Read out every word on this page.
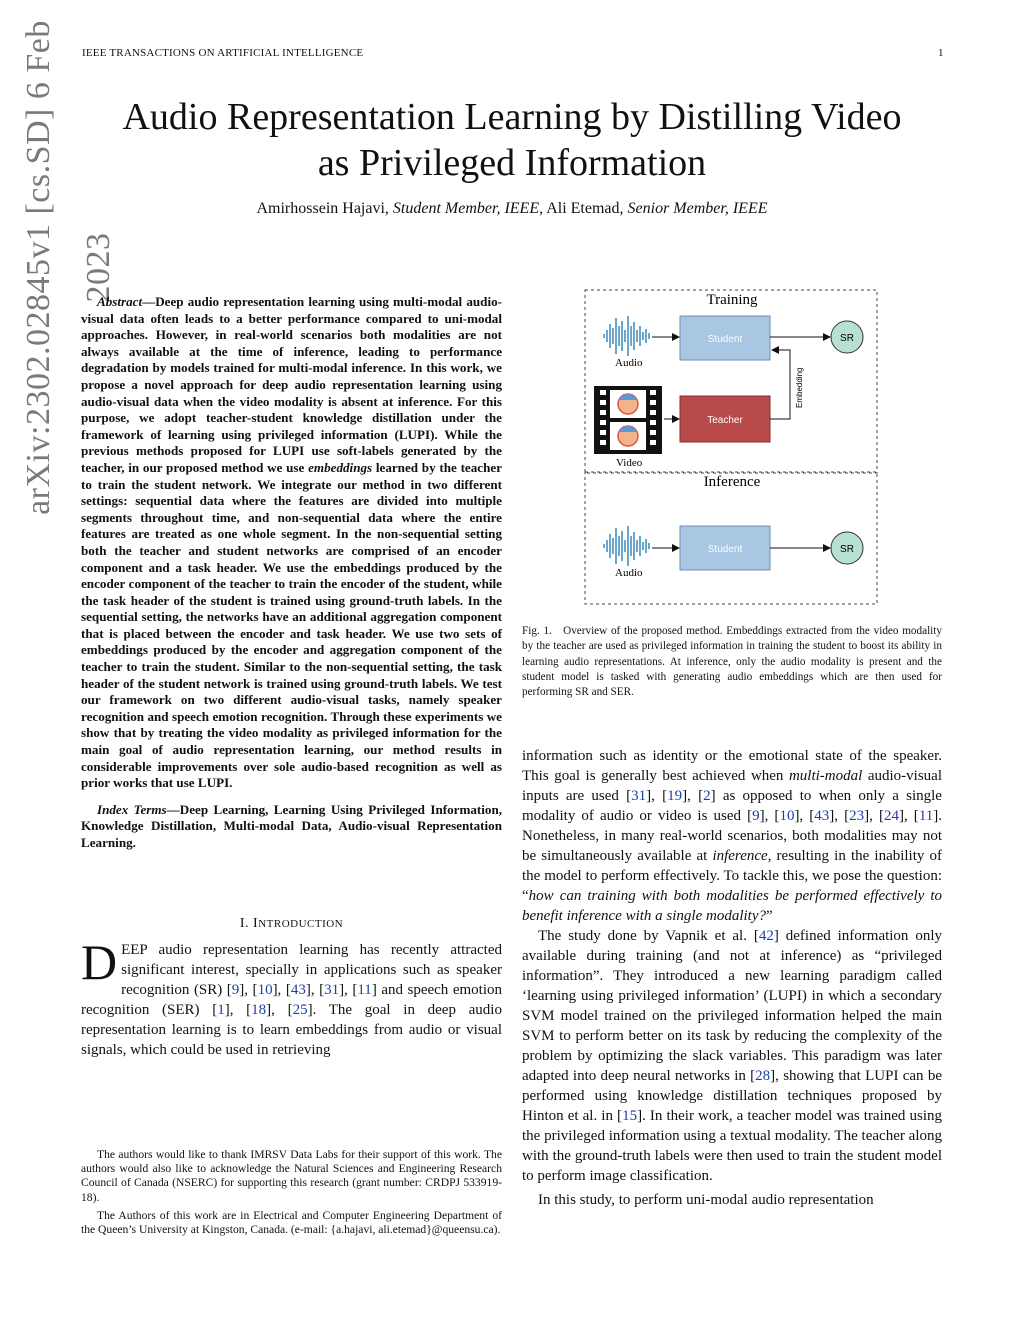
IEEE TRANSACTIONS ON ARTIFICIAL INTELLIGENCE	1
Audio Representation Learning by Distilling Video
as Privileged Information
Amirhossein Hajavi, Student Member, IEEE, Ali Etemad, Senior Member, IEEE
arXiv:2302.02845v1 [cs.SD] 6 Feb 2023
Abstract—Deep audio representation learning using multi-modal audio-visual data often leads to a better performance compared to uni-modal approaches. However, in real-world scenarios both modalities are not always available at the time of inference, leading to performance degradation by models trained for multi-modal inference. In this work, we propose a novel approach for deep audio representation learning using audio-visual data when the video modality is absent at inference. For this purpose, we adopt teacher-student knowledge distillation under the framework of learning using privileged information (LUPI). While the previous methods proposed for LUPI use soft-labels generated by the teacher, in our proposed method we use embeddings learned by the teacher to train the student network. We integrate our method in two different settings: sequential data where the features are divided into multiple segments throughout time, and non-sequential data where the entire features are treated as one whole segment. In the non-sequential setting both the teacher and student networks are comprised of an encoder component and a task header. We use the embeddings produced by the encoder component of the teacher to train the encoder of the student, while the task header of the student is trained using ground-truth labels. In the sequential setting, the networks have an additional aggregation component that is placed between the encoder and task header. We use two sets of embeddings produced by the encoder and aggregation component of the teacher to train the student. Similar to the non-sequential setting, the task header of the student network is trained using ground-truth labels. We test our framework on two different audio-visual tasks, namely speaker recognition and speech emotion recognition. Through these experiments we show that by treating the video modality as privileged information for the main goal of audio representation learning, our method results in considerable improvements over sole audio-based recognition as well as prior works that use LUPI.
Index Terms—Deep Learning, Learning Using Privileged Information, Knowledge Distillation, Multi-modal Data, Audio-visual Representation Learning.
I. INTRODUCTION
DEEP audio representation learning has recently attracted significant interest, specially in applications such as speaker recognition (SR) [9], [10], [43], [31], [11] and speech emotion recognition (SER) [1], [18], [25]. The goal in deep audio representation learning is to learn embeddings from audio or visual signals, which could be used in retrieving
The authors would like to thank IMRSV Data Labs for their support of this work. The authors would also like to acknowledge the Natural Sciences and Engineering Research Council of Canada (NSERC) for supporting this research (grant number: CRDPJ 533919-18).
The Authors of this work are in Electrical and Computer Engineering Department of the Queen’s University at Kingston, Canada. (e-mail: {a.hajavi, ali.etemad}@queensu.ca).
Training
Inference
Audio
Video
Student
Teacher
SR
Embedding
Audio
Student	SR
Fig. 1. Overview of the proposed method. Embeddings extracted from the video modality by the teacher are used as privileged information in training the student to boost its ability in learning audio representations. At inference, only the audio modality is present and the student model is tasked with generating audio embeddings which are then used for performing SR and SER.
information such as identity or the emotional state of the speaker. This goal is generally best achieved when multi-modal audio-visual inputs are used [31], [19], [2] as opposed to when only a single modality of audio or video is used [9], [10], [43], [23], [24], [11]. Nonetheless, in many real-world scenarios, both modalities may not be simultaneously available at inference, resulting in the inability of the model to perform effectively. To tackle this, we pose the question: “how can training with both modalities be performed effectively to benefit inference with a single modality?”
The study done by Vapnik et al. [42] defined information only available during training (and not at inference) as “privileged information”. They introduced a new learning paradigm called ‘learning using privileged information’ (LUPI) in which a secondary SVM model trained on the privileged information helped the main SVM to perform better on its task by reducing the complexity of the problem by optimizing the slack variables. This paradigm was later adapted into deep neural networks in [28], showing that LUPI can be performed using knowledge distillation techniques proposed by Hinton et al. in [15]. In their work, a teacher model was trained using the privileged information using a textual modality. The teacher along with the ground-truth labels were then used to train the student model to perform image classification.
In this study, to perform uni-modal audio representation
